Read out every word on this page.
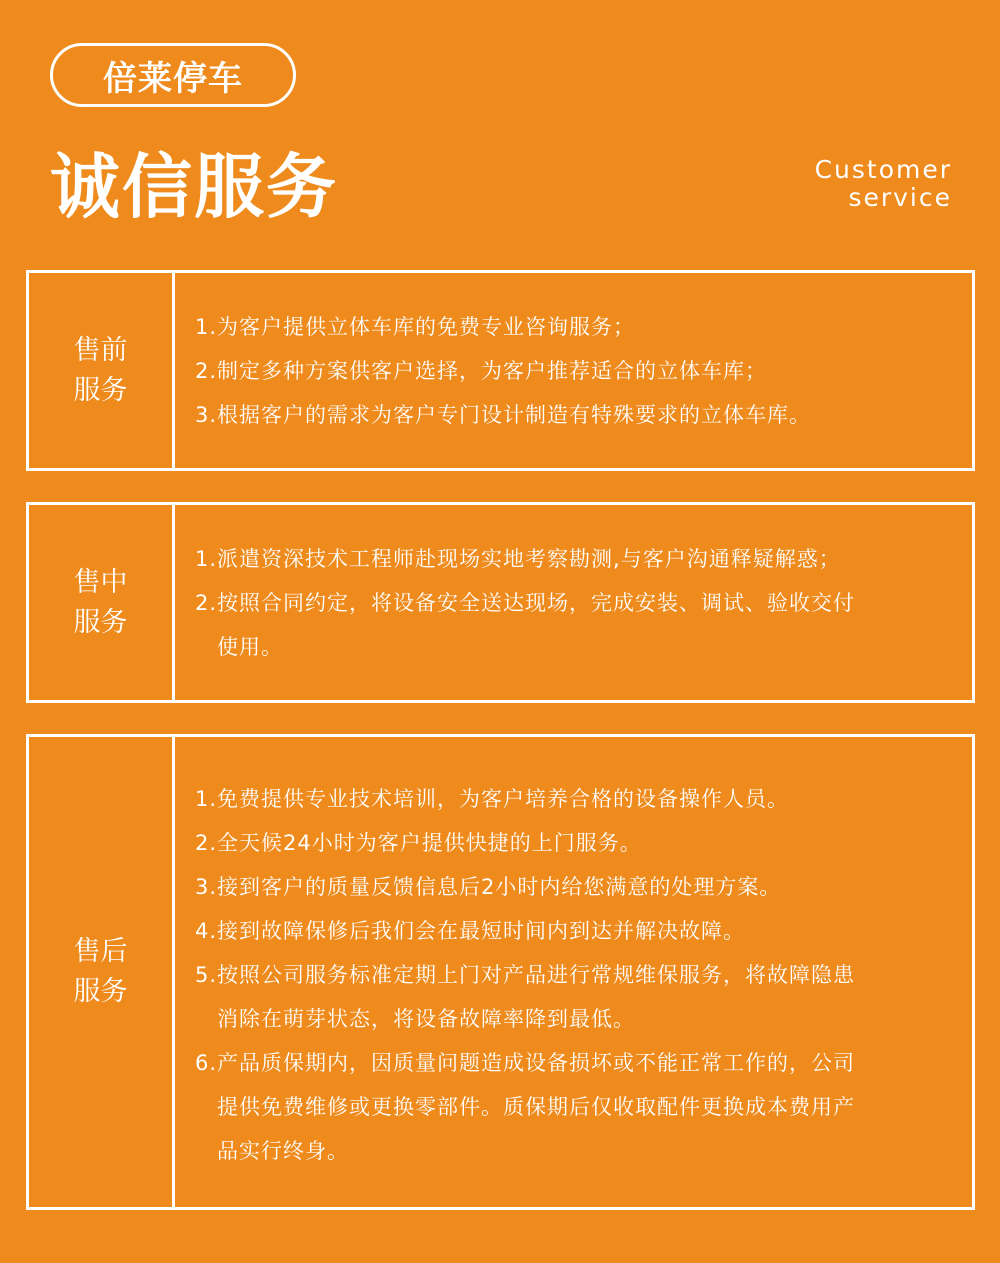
倍莱停车
诚信服务	Customer
service
售前
服务
1. 为客户提供立体车库的免费专业咨询服务；
2. 制定多种方案供客户选择，为客户推荐适合的立体车库；
3. 根据客户的需求为客户专门设计制造有特殊要求的立体车库。
售中
服务
1. 派遣资深技术工程师赴现场实地考察勘测,与客户沟通释疑解惑；
2. 按照合同约定，将设备安全送达现场，完成安装、调试、验收交付
使用。
售后
服务
1. 免费提供专业技术培训，为客户培养合格的设备操作人员。
2. 全天候24小时为客户提供快捷的上门服务。
3. 接到客户的质量反馈信息后2小时内给您满意的处理方案。
4. 接到故障保修后我们会在最短时间内到达并解决故障。
5. 按照公司服务标准定期上门对产品进行常规维保服务，将故障隐患
消除在萌芽状态，将设备故障率降到最低。
6. 产品质保期内，因质量问题造成设备损坏或不能正常工作的，公司
提供免费维修或更换零部件。质保期后仅收取配件更换成本费用产
品实行终身。
